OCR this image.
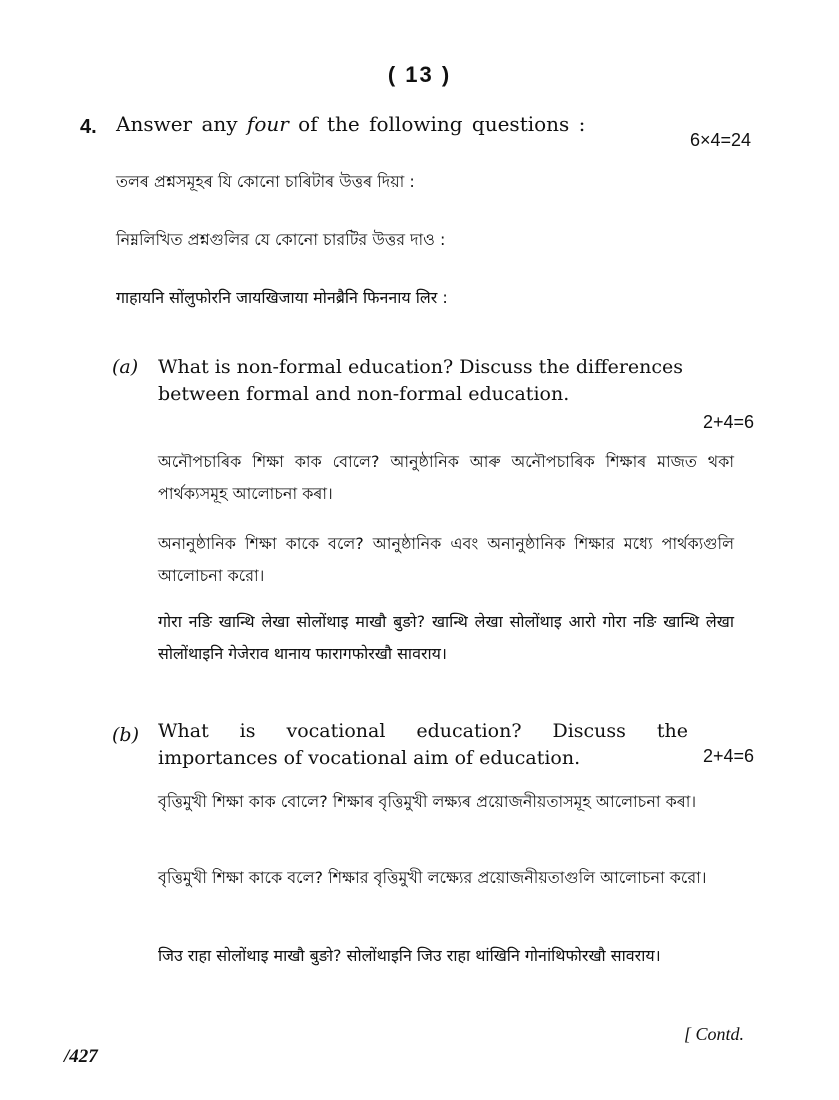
( 13 )
4. Answer any four of the following questions :
6×4=24
তলৰ প্ৰশ্নসমূহৰ যি কোনো চাৰিটাৰ উত্তৰ দিয়া :
নিম্নলিখিত প্রশ্নগুলির যে কোনো চারটির উত্তর দাও :
गाहायनि सोंलुफोरनि जायखिजाया मोनब्रैनि फिननाय लिर :
(a) What is non-formal education? Discuss the differences between formal and non-formal education.
2+4=6
অনৌপচাৰিক শিক্ষা কাক বোলে? আনুষ্ঠানিক আৰু অনৌপচাৰিক শিক্ষাৰ মাজত থকা পাৰ্থক্যসমূহ আলোচনা কৰা।
অনানুষ্ঠানিক শিক্ষা কাকে বলে? আনুষ্ঠানিক এবং অনানুষ্ঠানিক শিক্ষার মধ্যে পার্থক্যগুলি আলোচনা করো।
गोरा नङि खान्थि लेखा सोलोंथाइ माखौ बुङो? खान्थि लेखा सोलोंथाइ आरो गोरा नङि खान्थि लेखा सोलोंथाइनि गेजेराव थानाय फारागफोरखौ सावराय।
(b) What is vocational education? Discuss the importances of vocational aim of education.	2+4=6
বৃত্তিমুখী শিক্ষা কাক বোলে? শিক্ষাৰ বৃত্তিমুখী লক্ষ্যৰ প্ৰয়োজনীয়তাসমূহ আলোচনা কৰা।
বৃত্তিমুখী শিক্ষা কাকে বলে? শিক্ষার বৃত্তিমুখী লক্ষ্যের প্রয়োজনীয়তাগুলি আলোচনা করো।
जिउ राहा सोलोंथाइ माखौ बुङो? सोलोंथाइनि जिउ राहा थांखिनि गोनांथिफोरखौ सावराय।
[ Contd.
/427
